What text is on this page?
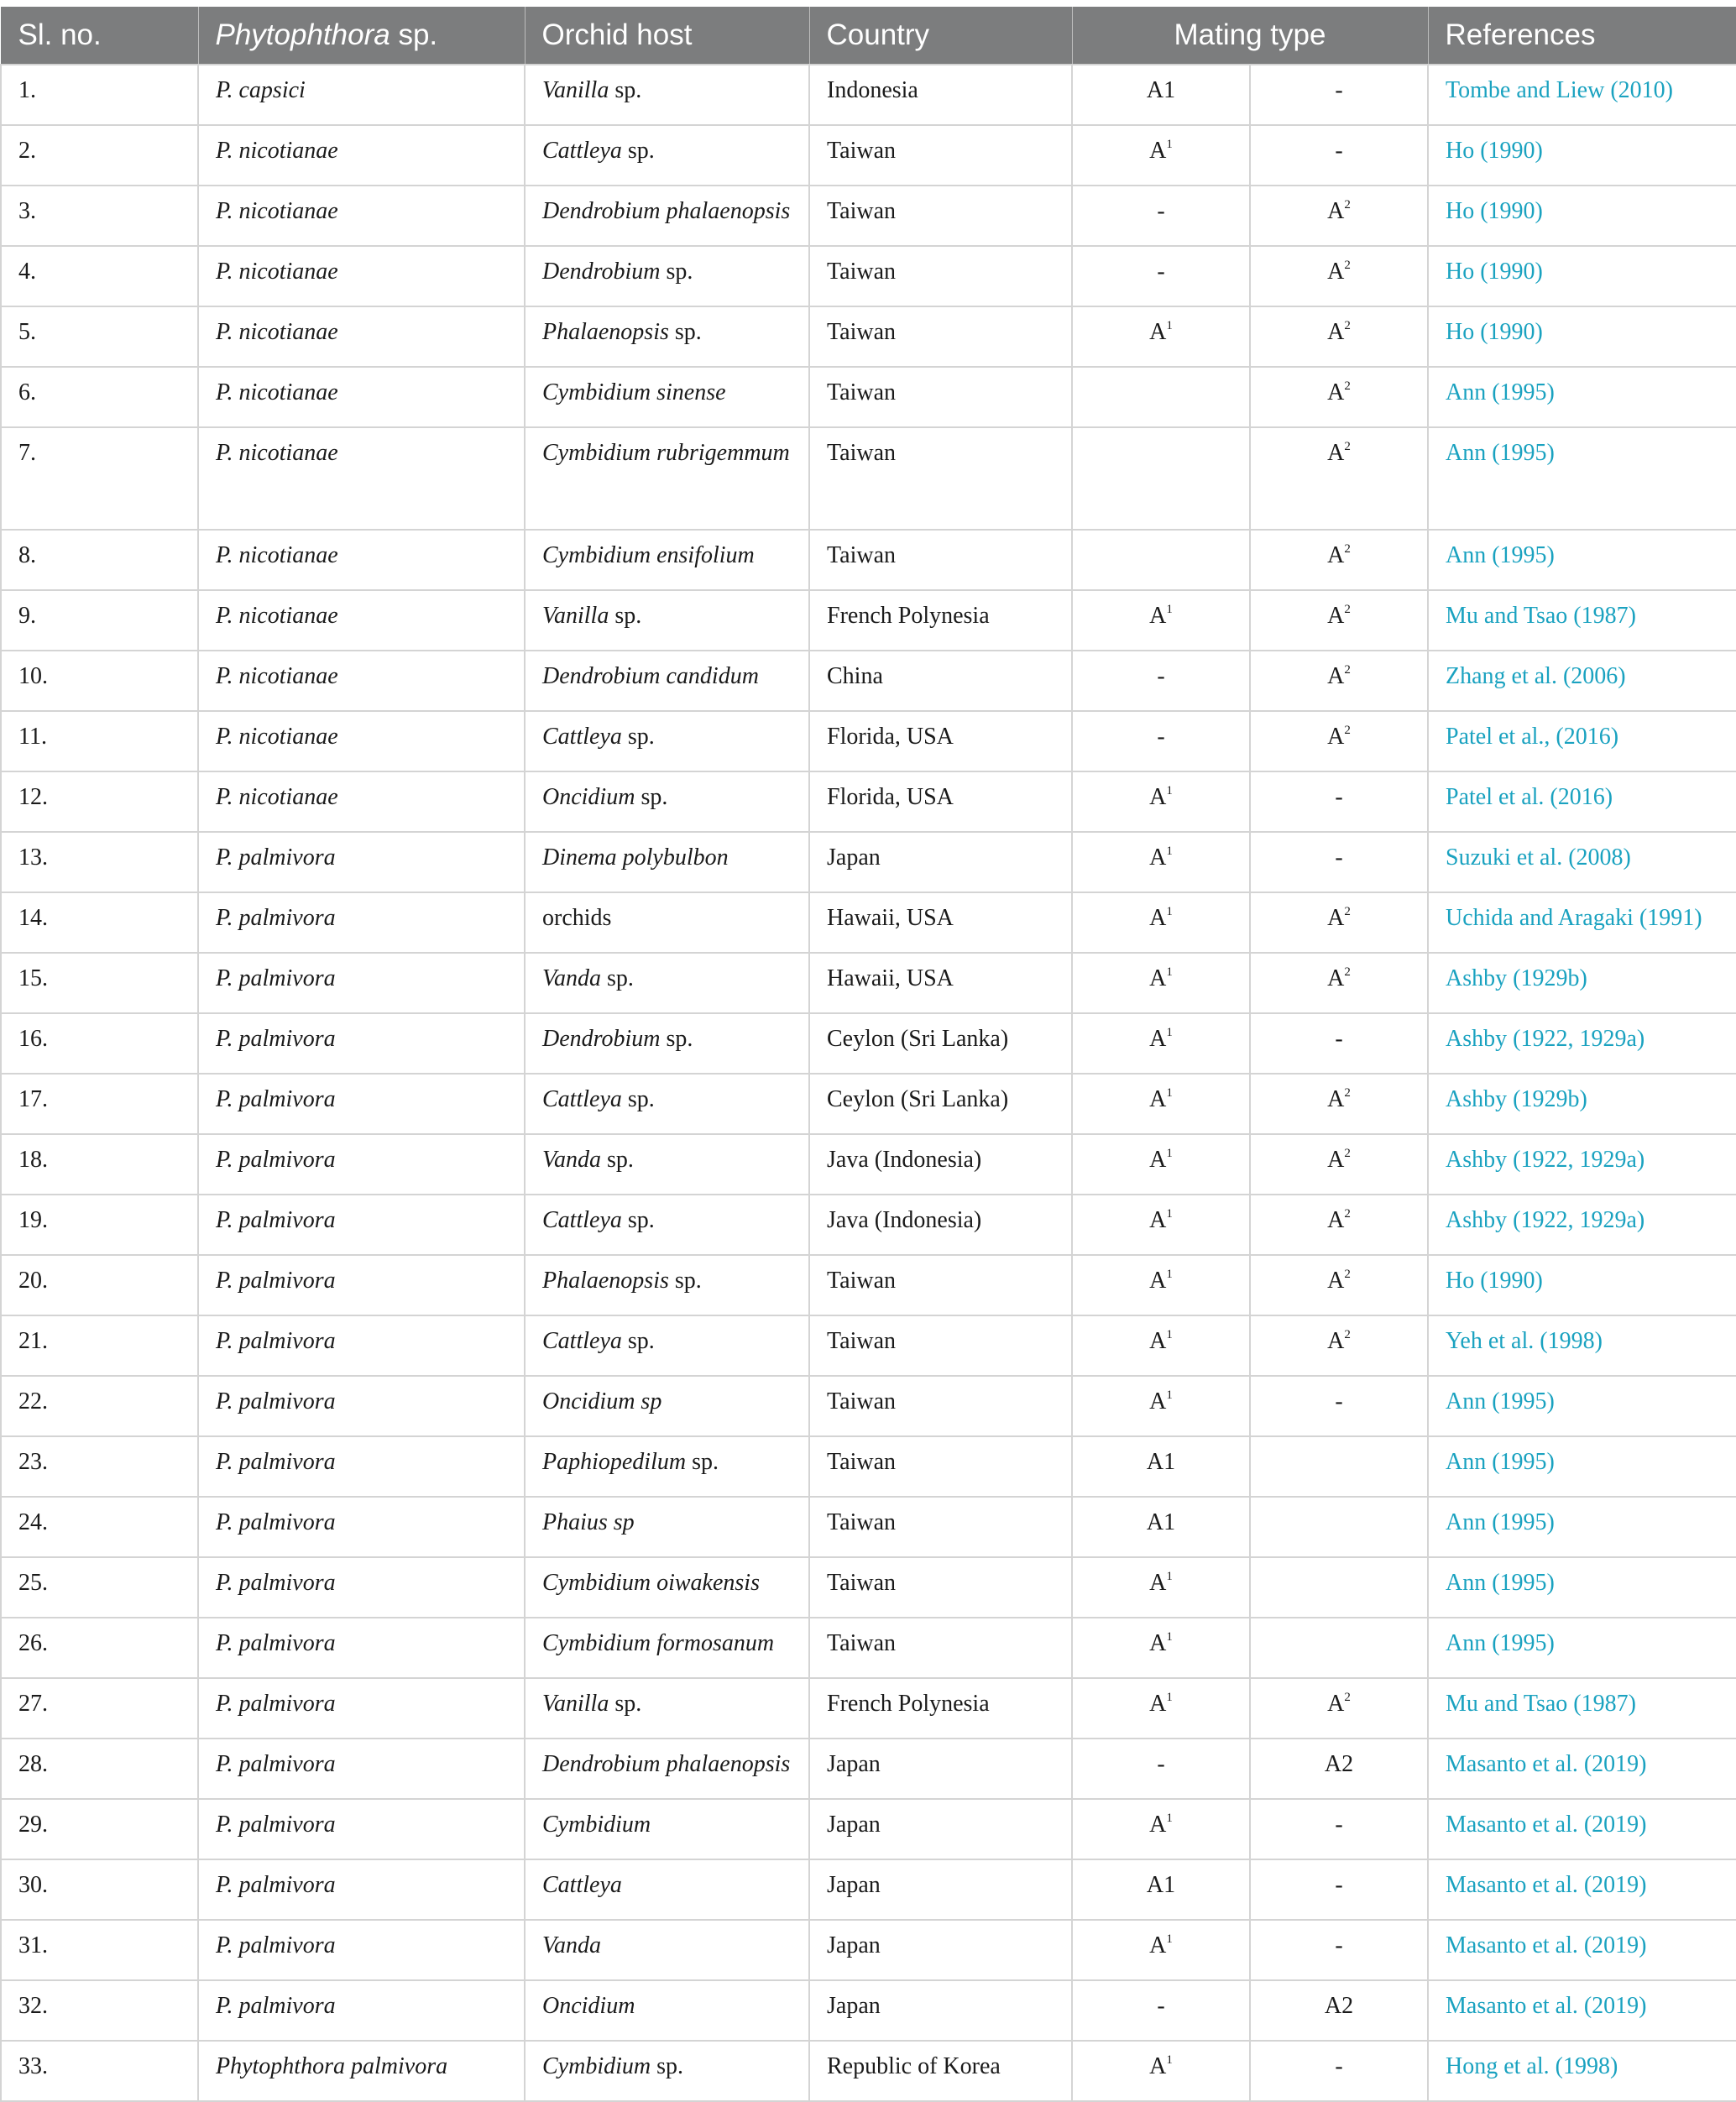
Sl. no.	Phytophthora sp.	Orchid host	Country	Mating type		References
1.	P. capsici	Vanilla sp.	Indonesia	A1	-	Tombe and Liew (2010)
2.	P. nicotianae	Cattleya sp.	Taiwan	$A^1$	-	Ho (1990)
3.	P. nicotianae	Dendrobium phalaenopsis	Taiwan	-	$A^2$	Ho (1990)
4.	P. nicotianae	Dendrobium sp.	Taiwan	-	$A^2$	Ho (1990)
5.	P. nicotianae	Phalaenopsis sp.	Taiwan	$A^1$	$A^2$	Ho (1990)
6.	P. nicotianae	Cymbidium sinense	Taiwan		$A^2$	Ann (1995)
7.	P. nicotianae	Cymbidium rubrigemmum	Taiwan		$A^2$	Ann (1995)
8.	P. nicotianae	Cymbidium ensifolium	Taiwan		$A^2$	Ann (1995)
9.	P. nicotianae	Vanilla sp.	French Polynesia	$A^1$	$A^2$	Mu and Tsao (1987)
10.	P. nicotianae	Dendrobium candidum	China	-	$A^2$	Zhang et al. (2006)
11.	P. nicotianae	Cattleya sp.	Florida, USA	-	$A^2$	Patel et al., (2016)
12.	P. nicotianae	Oncidium sp.	Florida, USA	$A^1$	-	Patel et al. (2016)
13.	P. palmivora	Dinema polybulbon	Japan	$A^1$	-	Suzuki et al. (2008)
14.	P. palmivora	orchids	Hawaii, USA	$A^1$	$A^2$	Uchida and Aragaki (1991)
15.	P. palmivora	Vanda sp.	Hawaii, USA	$A^1$	$A^2$	Ashby (1929b)
16.	P. palmivora	Dendrobium sp.	Ceylon (Sri Lanka)	$A^1$	-	Ashby (1922, 1929a)
17.	P. palmivora	Cattleya sp.	Ceylon (Sri Lanka)	$A^1$	$A^2$	Ashby (1929b)
18.	P. palmivora	Vanda sp.	Java (Indonesia)	$A^1$	$A^2$	Ashby (1922, 1929a)
19.	P. palmivora	Cattleya sp.	Java (Indonesia)	$A^1$	$A^2$	Ashby (1922, 1929a)
20.	P. palmivora	Phalaenopsis sp.	Taiwan	$A^1$	$A^2$	Ho (1990)
21.	P. palmivora	Cattleya sp.	Taiwan	$A^1$	$A^2$	Yeh et al. (1998)
22.	P. palmivora	Oncidium sp	Taiwan	$A^1$	-	Ann (1995)
23.	P. palmivora	Paphiopedilum sp.	Taiwan	A1		Ann (1995)
24.	P. palmivora	Phaius sp	Taiwan	A1		Ann (1995)
25.	P. palmivora	Cymbidium oiwakensis	Taiwan	$A^1$		Ann (1995)
26.	P. palmivora	Cymbidium formosanum	Taiwan	$A^1$		Ann (1995)
27.	P. palmivora	Vanilla sp.	French Polynesia	$A^1$	$A^2$	Mu and Tsao (1987)
28.	P. palmivora	Dendrobium phalaenopsis	Japan	-	A2	Masanto et al. (2019)
29.	P. palmivora	Cymbidium	Japan	$A^1$	-	Masanto et al. (2019)
30.	P. palmivora	Cattleya	Japan	A1	-	Masanto et al. (2019)
31.	P. palmivora	Vanda	Japan	$A^1$	-	Masanto et al. (2019)
32.	P. palmivora	Oncidium	Japan	-	A2	Masanto et al. (2019)
33.	Phytophthora palmivora	Cymbidium sp.	Republic of Korea	$A^1$	-	Hong et al. (1998)
